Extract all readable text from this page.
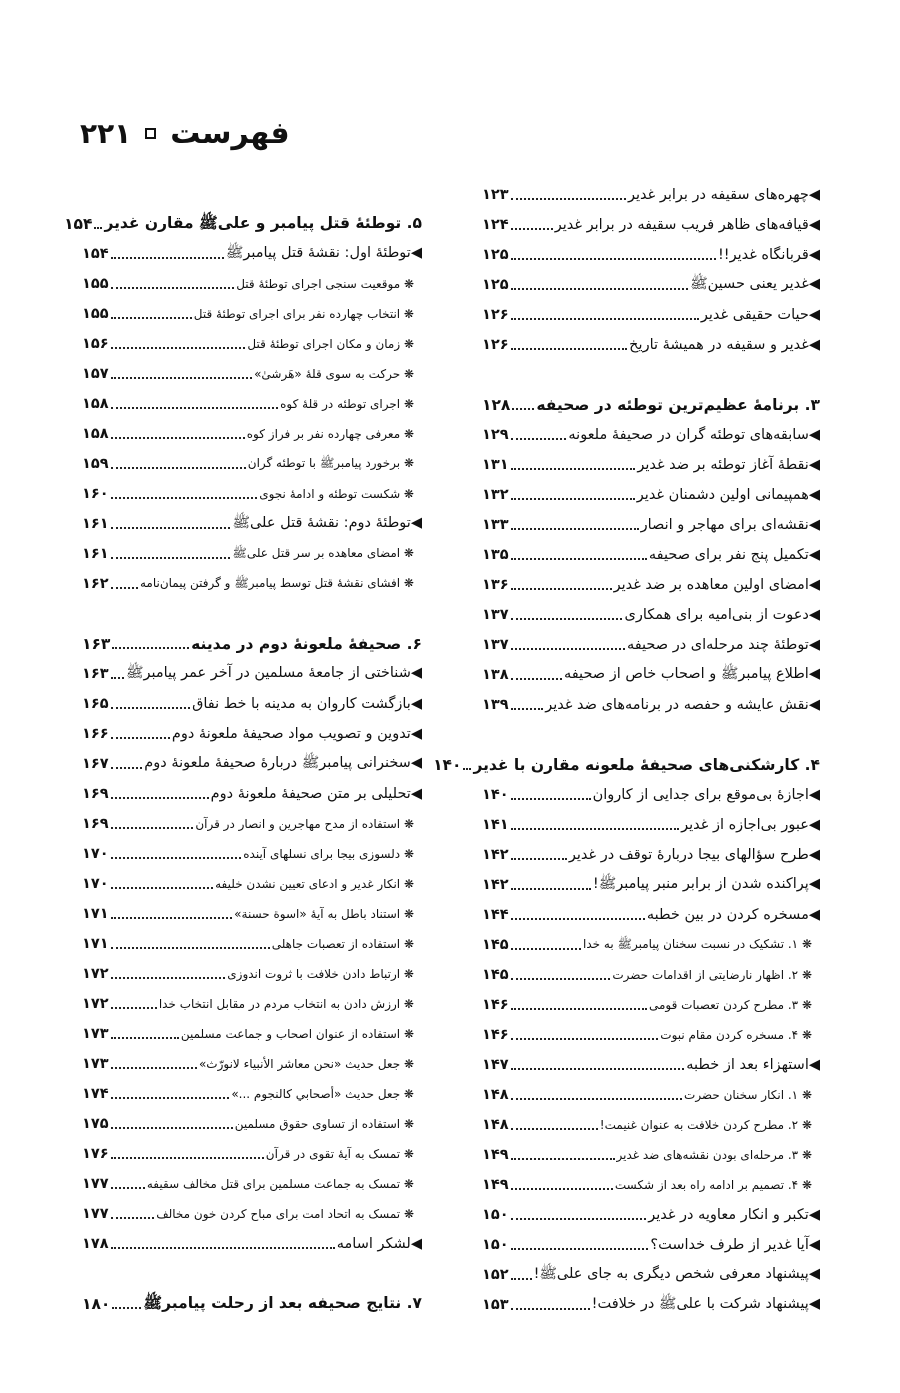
فهرست
۲۲۱
◀چهره‌های سقیفه در برابر غدیر
۱۲۳
◀قیافه‌های ظاهر فریب سقیفه در برابر غدیر
۱۲۴
◀قربانگاه غدیر!!
۱۲۵
◀غدیر یعنی حسینﷺ
۱۲۵
◀حیات حقیقی غدیر
۱۲۶
◀غدیر و سقیفه در همیشهٔ تاریخ
۱۲۶
۳. برنامهٔ عظیم‌ترین توطئه در صحیفه
۱۲۸
◀سابقه‌های توطئه گران در صحیفهٔ ملعونه
۱۲۹
◀نقطهٔ آغاز توطئه بر ضد غدیر
۱۳۱
◀همپیمانی اولین دشمنان غدیر
۱۳۲
◀نقشه‌ای برای مهاجر و انصار
۱۳۳
◀تکمیل پنج نفر برای صحیفه
۱۳۵
◀امضای اولین معاهده بر ضد غدیر
۱۳۶
◀دعوت از بنی‌امیه برای همکاری
۱۳۷
◀توطئهٔ چند مرحله‌ای در صحیفه
۱۳۷
◀اطلاع پیامبرﷺ و اصحاب خاص از صحیفه
۱۳۸
◀نقش عایشه و حفصه در برنامه‌های ضد غدیر
۱۳۹
۴. کارشکنی‌های صحیفهٔ ملعونه مقارن با غدیر
۱۴۰
◀اجازهٔ بی‌موقع برای جدایی از کاروان
۱۴۰
◀عبور بی‌اجازه از غدیر
۱۴۱
◀طرح سؤالهای بیجا دربارهٔ توقف در غدیر
۱۴۲
◀پراکنده شدن از برابر منبر پیامبرﷺ!
۱۴۲
◀مسخره کردن در بین خطبه
۱۴۴
❋ ۱. تشکیک در نسبت سخنان پیامبرﷺ به خدا
۱۴۵
❋ ۲. اظهار نارضایتی از اقدامات حضرت
۱۴۵
❋ ۳. مطرح کردن تعصبات قومی
۱۴۶
❋ ۴. مسخره کردن مقام نبوت
۱۴۶
◀استهزاء بعد از خطبه
۱۴۷
❋ ۱. انکار سخنان حضرت
۱۴۸
❋ ۲. مطرح کردن خلافت به عنوان غنیمت!
۱۴۸
❋ ۳. مرحله‌ای بودن نقشه‌های ضد غدیر
۱۴۹
❋ ۴. تصمیم بر ادامه راه بعد از شکست
۱۴۹
◀تکبر و انکار معاویه در غدیر
۱۵۰
◀آیا غدیر از طرف خداست؟
۱۵۰
◀پیشنهاد معرفی شخص دیگری به جای علیﷺ!
۱۵۲
◀پیشنهاد شرکت با علیﷺ در خلافت!
۱۵۳
۵. توطئهٔ قتل پیامبر و علیﷺ مقارن غدیر
۱۵۴
◀توطئهٔ اول: نقشهٔ قتل پیامبرﷺ
۱۵۴
❋ موقعیت سنجی اجرای توطئهٔ قتل
۱۵۵
❋ انتخاب چهارده نفر برای اجرای توطئهٔ قتل
۱۵۵
❋ زمان و مکان اجرای توطئهٔ قتل
۱۵۶
❋ حرکت به سوی قلهٔ «هَرشیٰ»
۱۵۷
❋ اجرای توطئه در قلهٔ کوه
۱۵۸
❋ معرفی چهارده نفر بر فراز کوه
۱۵۸
❋ برخورد پیامبرﷺ با توطئه گران
۱۵۹
❋ شکست توطئه و ادامهٔ نجوی
۱۶۰
◀توطئهٔ دوم: نقشهٔ قتل علیﷺ
۱۶۱
❋ امضای معاهده بر سر قتل علیﷺ
۱۶۱
❋ افشای نقشهٔ قتل توسط پیامبرﷺ و گرفتن پیمان‌نامه
۱۶۲
۶. صحیفهٔ ملعونهٔ دوم در مدینه
۱۶۳
◀شناختی از جامعهٔ مسلمین در آخر عمر پیامبرﷺ
۱۶۳
◀بازگشت کاروان به مدینه با خط نفاق
۱۶۵
◀تدوین و تصویب مواد صحیفهٔ ملعونهٔ دوم
۱۶۶
◀سخنرانی پیامبرﷺ دربارهٔ صحیفهٔ ملعونهٔ دوم
۱۶۷
◀تحلیلی بر متن صحیفهٔ ملعونهٔ دوم
۱۶۹
❋ استفاده از مدح مهاجرین و انصار در قرآن
۱۶۹
❋ دلسوزی بیجا برای نسلهای آینده
۱۷۰
❋ انکار غدیر و ادعای تعیین نشدن خلیفه
۱۷۰
❋ استناد باطل به آیهٔ «اسوة حسنة»
۱۷۱
❋ استفاده از تعصبات جاهلی
۱۷۱
❋ ارتباط دادن خلافت با ثروت اندوزی
۱۷۲
❋ ارزش دادن به انتخاب مردم در مقابل انتخاب خدا
۱۷۲
❋ استفاده از عنوان اصحاب و جماعت مسلمین
۱۷۳
❋ جعل حدیث «نحن معاشر الأنبياء لانورّث»
۱۷۳
❋ جعل حدیث «أصحابي كالنجوم ...»
۱۷۴
❋ استفاده از تساوی حقوق مسلمین
۱۷۵
❋ تمسک به آیهٔ تقوی در قرآن
۱۷۶
❋ تمسک به جماعت مسلمین برای قتل مخالف سقیفه
۱۷۷
❋ تمسک به اتحاد امت برای مباح کردن خون مخالف
۱۷۷
◀لشکر اسامه
۱۷۸
۷. نتایج صحیفه بعد از رحلت پیامبرﷺ
۱۸۰
